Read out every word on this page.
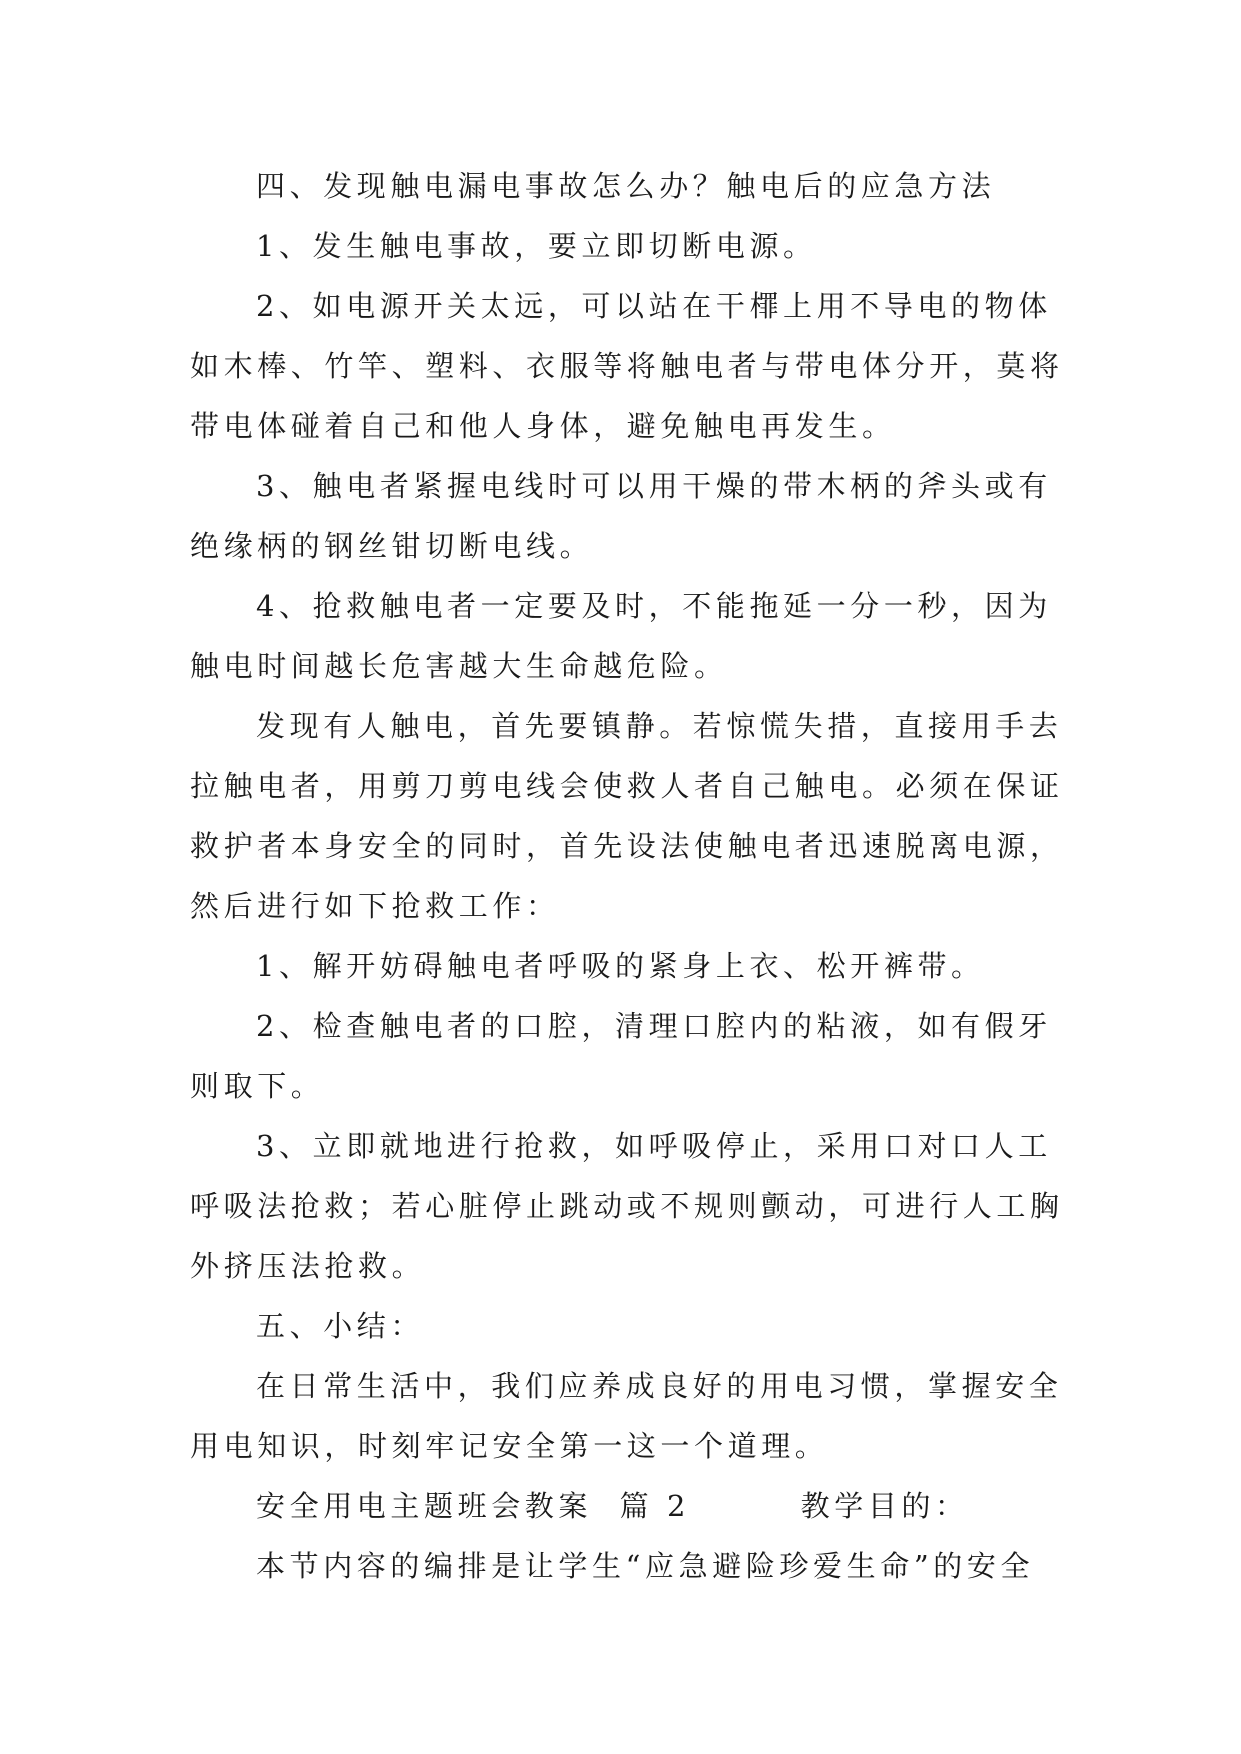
四、发现触电漏电事故怎么办？触电后的应急方法
1、发生触电事故，要立即切断电源。
2、如电源开关太远，可以站在干檌上用不导电的物体
如木棒、竹竿、塑料、衣服等将触电者与带电体分开，莫将
带电体碰着自己和他人身体，避免触电再发生。
3、触电者紧握电线时可以用干燥的带木柄的斧头或有
绝缘柄的钢丝钳切断电线。
4、抢救触电者一定要及时，不能拖延一分一秒，因为
触电时间越长危害越大生命越危险。
发现有人触电，首先要镇静。若惊慌失措，直接用手去
拉触电者，用剪刀剪电线会使救人者自己触电。必须在保证
救护者本身安全的同时，首先设法使触电者迅速脱离电源，
然后进行如下抢救工作：
1、解开妨碍触电者呼吸的紧身上衣、松开裤带。
2、检查触电者的口腔，清理口腔内的粘液，如有假牙
则取下。
3、立即就地进行抢救，如呼吸停止，采用口对口人工
呼吸法抢救；若心脏停止跳动或不规则颤动，可进行人工胸
外挤压法抢救。
五、小结：
在日常生活中，我们应养成良好的用电习惯，掌握安全
用电知识，时刻牢记安全第一这一个道理。
安全用电主题班会教案  篇 2        教学目的：
本节内容的编排是让学生“应急避险珍爱生命”的安全
